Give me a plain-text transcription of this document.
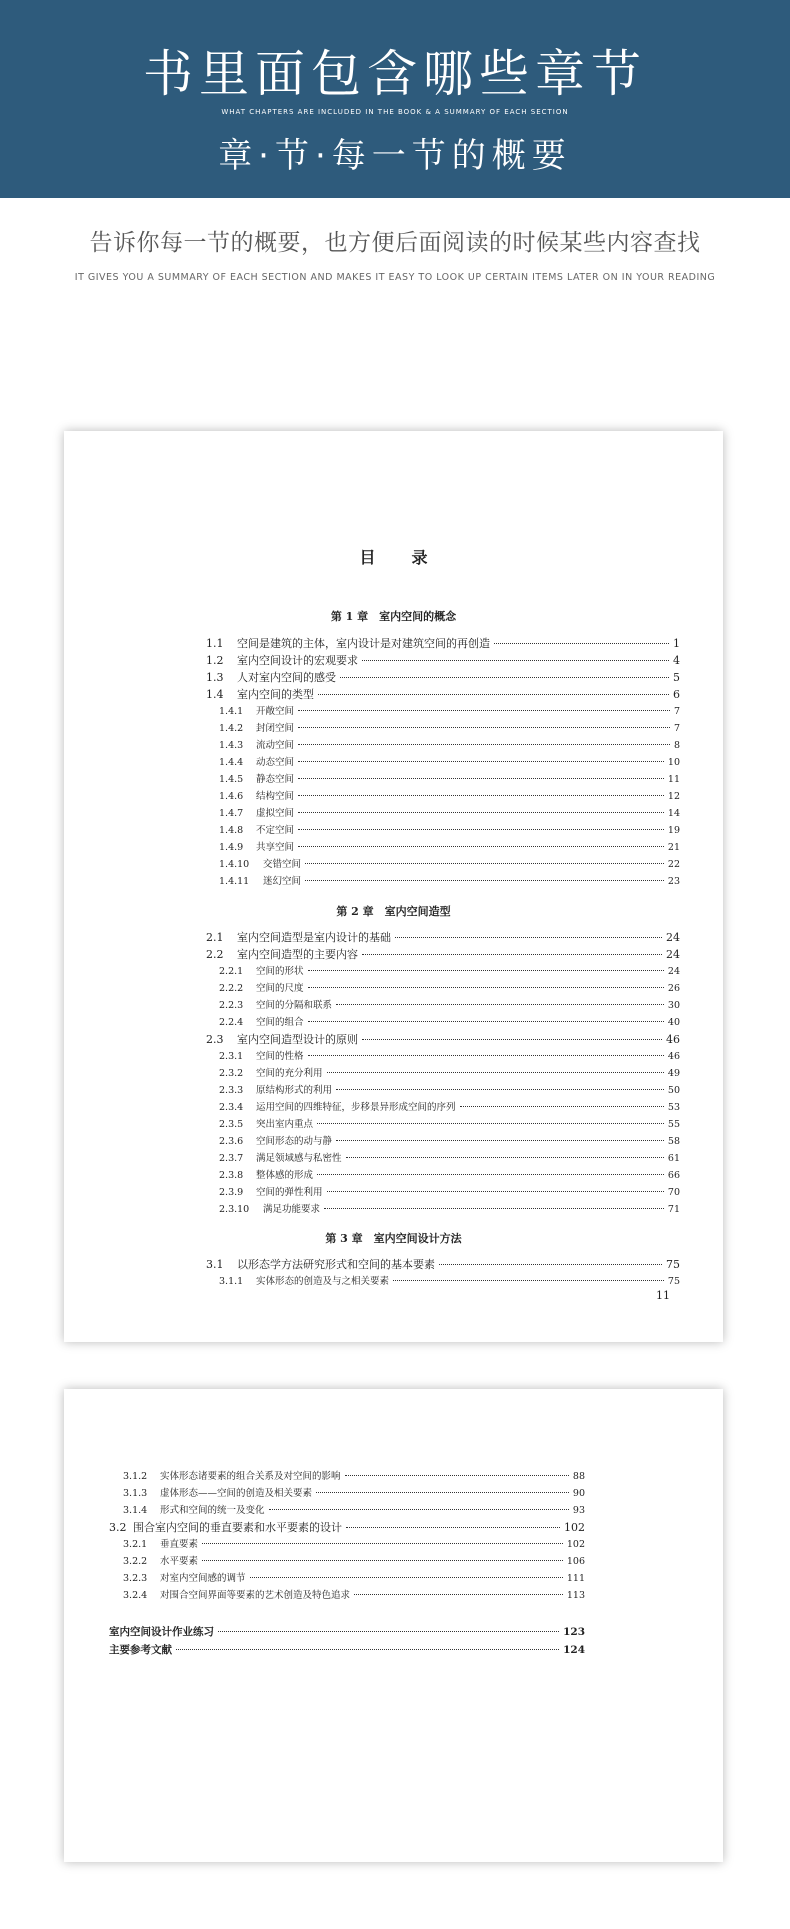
书里面包含哪些章节
WHAT CHAPTERS ARE INCLUDED IN THE BOOK & A SUMMARY OF EACH SECTION
章·节·每一节的概要
告诉你每一节的概要，也方便后面阅读的时候某些内容查找
IT GIVES YOU A SUMMARY OF EACH SECTION AND MAKES IT EASY TO LOOK UP CERTAIN ITEMS LATER ON IN YOUR READING
目录
第 1 章　室内空间的概念
1.1	空间是建筑的主体，室内设计是对建筑空间的再创造	1
1.2	室内空间设计的宏观要求	4
1.3	人对室内空间的感受	5
1.4	室内空间的类型	6
1.4.1	开敞空间	7
1.4.2	封闭空间	7
1.4.3	流动空间	8
1.4.4	动态空间	10
1.4.5	静态空间	11
1.4.6	结构空间	12
1.4.7	虚拟空间	14
1.4.8	不定空间	19
1.4.9	共享空间	21
1.4.10	交错空间	22
1.4.11	迷幻空间	23
第 2 章　室内空间造型
2.1	室内空间造型是室内设计的基础	24
2.2	室内空间造型的主要内容	24
2.2.1	空间的形状	24
2.2.2	空间的尺度	26
2.2.3	空间的分隔和联系	30
2.2.4	空间的组合	40
2.3	室内空间造型设计的原则	46
2.3.1	空间的性格	46
2.3.2	空间的充分利用	49
2.3.3	原结构形式的利用	50
2.3.4	运用空间的四维特征，步移景异形成空间的序列	53
2.3.5	突出室内重点	55
2.3.6	空间形态的动与静	58
2.3.7	满足领域感与私密性	61
2.3.8	整体感的形成	66
2.3.9	空间的弹性利用	70
2.3.10	满足功能要求	71
第 3 章　室内空间设计方法
3.1	以形态学方法研究形式和空间的基本要素	75
3.1.1	实体形态的创造及与之相关要素	75
11
3.1.2	实体形态诸要素的组合关系及对空间的影响	88
3.1.3	虚体形态——空间的创造及相关要素	90
3.1.4	形式和空间的统一及变化	93
3.2 围合室内空间的垂直要素和水平要素的设计	102
3.2.1	垂直要素	102
3.2.2	水平要素	106
3.2.3	对室内空间感的调节	111
3.2.4	对围合空间界面等要素的艺术创造及特色追求	113
室内空间设计作业练习	123
主要参考文献	124
